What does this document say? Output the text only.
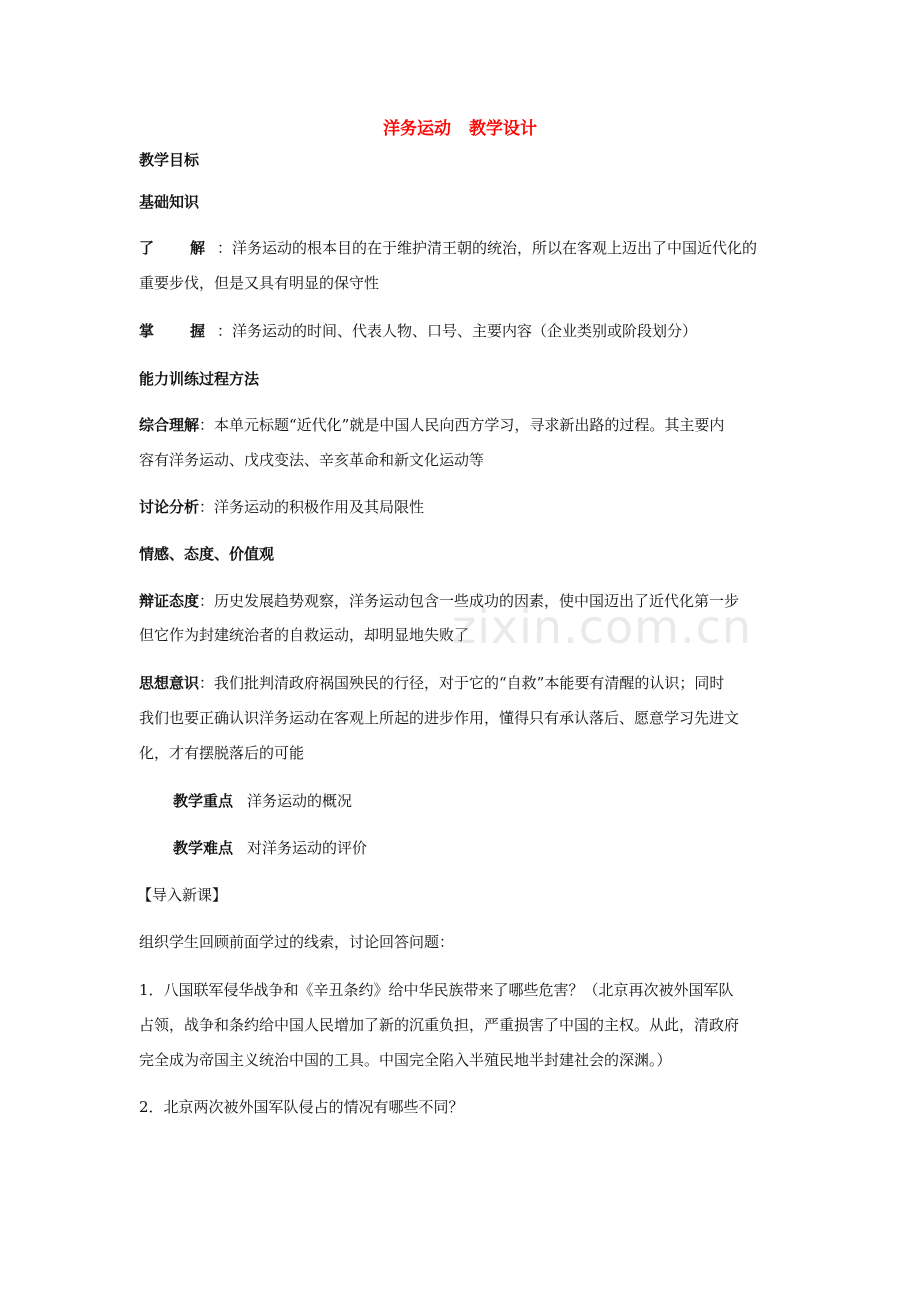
洋务运动 教学设计
教学目标
基础知识
了 解 ：洋务运动的根本目的在于维护清王朝的统治，所以在客观上迈出了中国近代化的
重要步伐，但是又具有明显的保守性
掌 握 ：洋务运动的时间、代表人物、口号、主要内容（企业类别或阶段划分）
能力训练过程方法
综合理解：本单元标题“近代化”就是中国人民向西方学习，寻求新出路的过程。其主要内
容有洋务运动、戊戌变法、辛亥革命和新文化运动等
讨论分析：洋务运动的积极作用及其局限性
情感、态度、价值观
辩证态度：历史发展趋势观察，洋务运动包含一些成功的因素，使中国迈出了近代化第一步
但它作为封建统治者的自救运动，却明显地失败了
思想意识：我们批判清政府祸国殃民的行径，对于它的“自救”本能要有清醒的认识；同时
我们也要正确认识洋务运动在客观上所起的进步作用，懂得只有承认落后、愿意学习先进文
化，才有摆脱落后的可能
教学重点 洋务运动的概况
教学难点 对洋务运动的评价
【导入新课】
组织学生回顾前面学过的线索，讨论回答问题：
1．八国联军侵华战争和《辛丑条约》给中华民族带来了哪些危害？（北京再次被外国军队
占领，战争和条约给中国人民增加了新的沉重负担，严重损害了中国的主权。从此，清政府
完全成为帝国主义统治中国的工具。中国完全陷入半殖民地半封建社会的深渊。）
2．北京两次被外国军队侵占的情况有哪些不同？
zixin.com.cn
